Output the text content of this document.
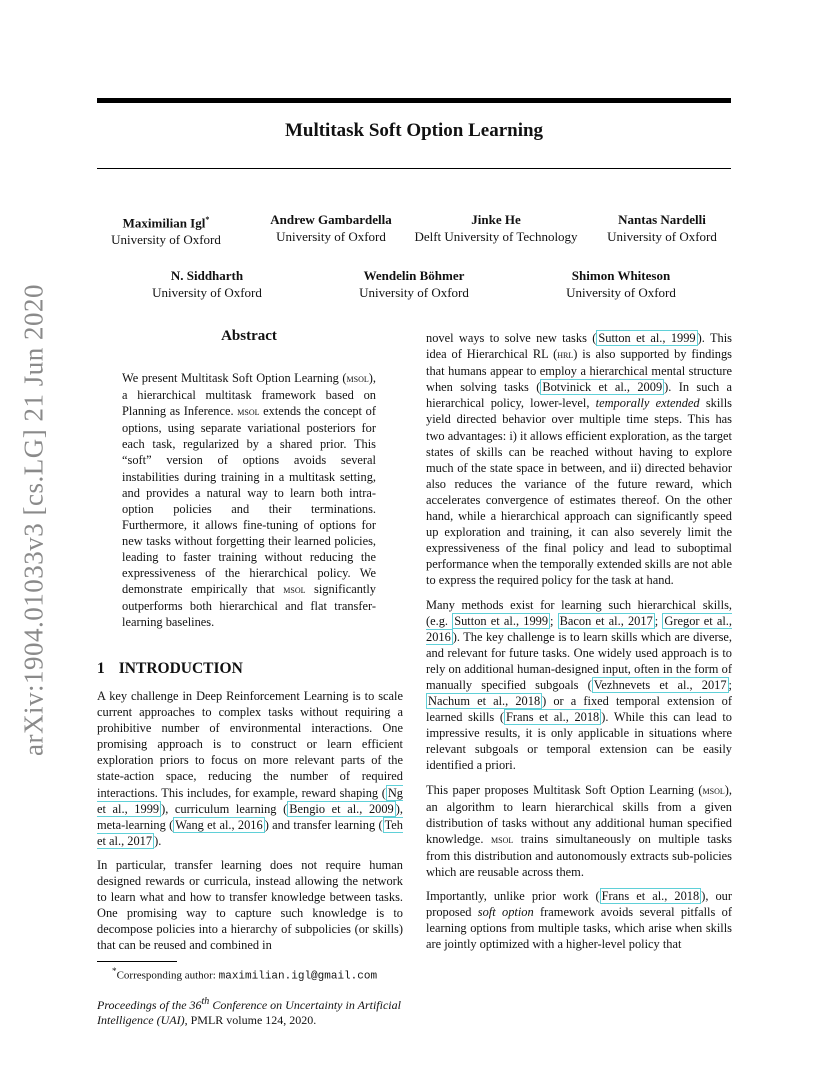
arXiv:1904.01033v3 [cs.LG] 21 Jun 2020
Multitask Soft Option Learning
Maximilian Igl*
University of Oxford
Andrew Gambardella
University of Oxford
Jinke He
Delft University of Technology
Nantas Nardelli
University of Oxford
N. Siddharth
University of Oxford
Wendelin Böhmer
University of Oxford
Shimon Whiteson
University of Oxford
Abstract

We present Multitask Soft Option Learning (msol), a hierarchical multitask framework based on Planning as Inference. msol extends the concept of options, using separate variational posteriors for each task, regularized by a shared prior. This “soft” version of options avoids several instabilities during training in a multitask setting, and provides a natural way to learn both intra-option policies and their terminations. Furthermore, it allows fine-tuning of options for new tasks without forgetting their learned policies, leading to faster training without reducing the expressiveness of the hierarchical policy. We demonstrate empirically that msol significantly outperforms both hierarchical and flat transfer-learning baselines.

1 INTRODUCTION

A key challenge in Deep Reinforcement Learning is to scale current approaches to complex tasks without requiring a prohibitive number of environmental interactions. One promising approach is to construct or learn efficient exploration priors to focus on more relevant parts of the state-action space, reducing the number of required interactions. This includes, for example, reward shaping ( Ng et al., 1999 ), curriculum learning ( Bengio et al., 2009 ), meta-learning ( Wang et al., 2016 ) and transfer learning ( Teh et al., 2017 ).

In particular, transfer learning does not require human designed rewards or curricula, instead allowing the network to learn what and how to transfer knowledge between tasks. One promising way to capture such knowledge is to decompose policies into a hierarchy of subpolicies (or skills) that can be reused and combined in

novel ways to solve new tasks ( Sutton et al., 1999 ). This idea of Hierarchical RL (hrl) is also supported by findings that humans appear to employ a hierarchical mental structure when solving tasks ( Botvinick et al., 2009 ). In such a hierarchical policy, lower-level, temporally extended skills yield directed behavior over multiple time steps. This has two advantages: i) it allows efficient exploration, as the target states of skills can be reached without having to explore much of the state space in between, and ii) directed behavior also reduces the variance of the future reward, which accelerates convergence of estimates thereof. On the other hand, while a hierarchical approach can significantly speed up exploration and training, it can also severely limit the expressiveness of the final policy and lead to suboptimal performance when the temporally extended skills are not able to express the required policy for the task at hand.

Many methods exist for learning such hierarchical skills, (e.g. Sutton et al., 1999 ; Bacon et al., 2017 ; Gregor et al., 2016 ). The key challenge is to learn skills which are diverse, and relevant for future tasks. One widely used approach is to rely on additional human-designed input, often in the form of manually specified subgoals ( Vezhnevets et al., 2017 ; Nachum et al., 2018 ) or a fixed temporal extension of learned skills ( Frans et al., 2018 ). While this can lead to impressive results, it is only applicable in situations where relevant subgoals or temporal extension can be easily identified a priori.

This paper proposes Multitask Soft Option Learning (msol), an algorithm to learn hierarchical skills from a given distribution of tasks without any additional human specified knowledge. msol trains simultaneously on multiple tasks from this distribution and autonomously extracts sub-policies which are reusable across them.

Importantly, unlike prior work ( Frans et al., 2018 ), our proposed soft option framework avoids several pitfalls of learning options from multiple tasks, which arise when skills are jointly optimized with a higher-level policy that

*Corresponding author: maximilian.igl@gmail.com
Proceedings of the 36th Conference on Uncertainty in Artificial Intelligence (UAI), PMLR volume 124, 2020.
